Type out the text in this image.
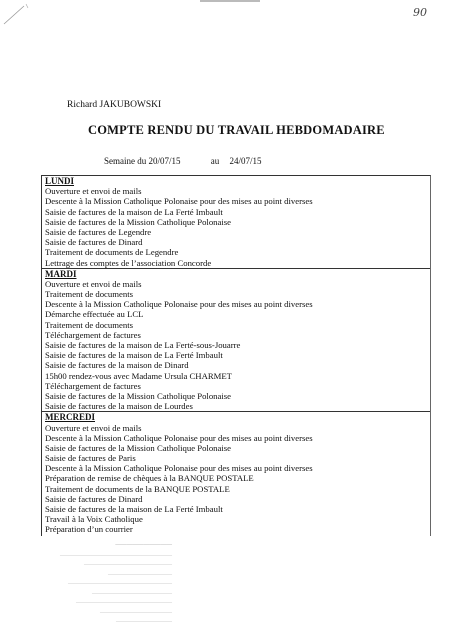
90
Richard JAKUBOWSKI
COMPTE RENDU DU TRAVAIL HEBDOMADAIRE
Semaine du 20/07/15	au 24/07/15
LUNDI
Ouverture et envoi de mails
Descente à la Mission Catholique Polonaise pour des mises au point diverses
Saisie de factures de la maison de La Ferté Imbault
Saisie de factures de la Mission Catholique Polonaise
Saisie de factures de Legendre
Saisie de factures de Dinard
Traitement de documents de Legendre
Lettrage des comptes de l’association Concorde
MARDI
Ouverture et envoi de mails
Traitement de documents
Descente à la Mission Catholique Polonaise pour des mises au point diverses
Démarche effectuée au LCL
Traitement de documents
Téléchargement de factures
Saisie de factures de la maison de La Ferté-sous-Jouarre
Saisie de factures de la maison de La Ferté Imbault
Saisie de factures de la maison de Dinard
15h00 rendez-vous avec Madame Ursula CHARMET
Téléchargement de factures
Saisie de factures de la Mission Catholique Polonaise
Saisie de factures de la maison de Lourdes
MERCREDI
Ouverture et envoi de mails
Descente à la Mission Catholique Polonaise pour des mises au point diverses
Saisie de factures de la Mission Catholique Polonaise
Saisie de factures de Paris
Descente à la Mission Catholique Polonaise pour des mises au point diverses
Préparation de remise de chèques à la BANQUE POSTALE
Traitement de documents de la BANQUE POSTALE
Saisie de factures de Dinard
Saisie de factures de la maison de La Ferté Imbault
Travail à la Voix Catholique
Préparation d’un courrier
──────────
——————————————
———————————
————————
—————————————
——————————
————————————
—————————
———————
